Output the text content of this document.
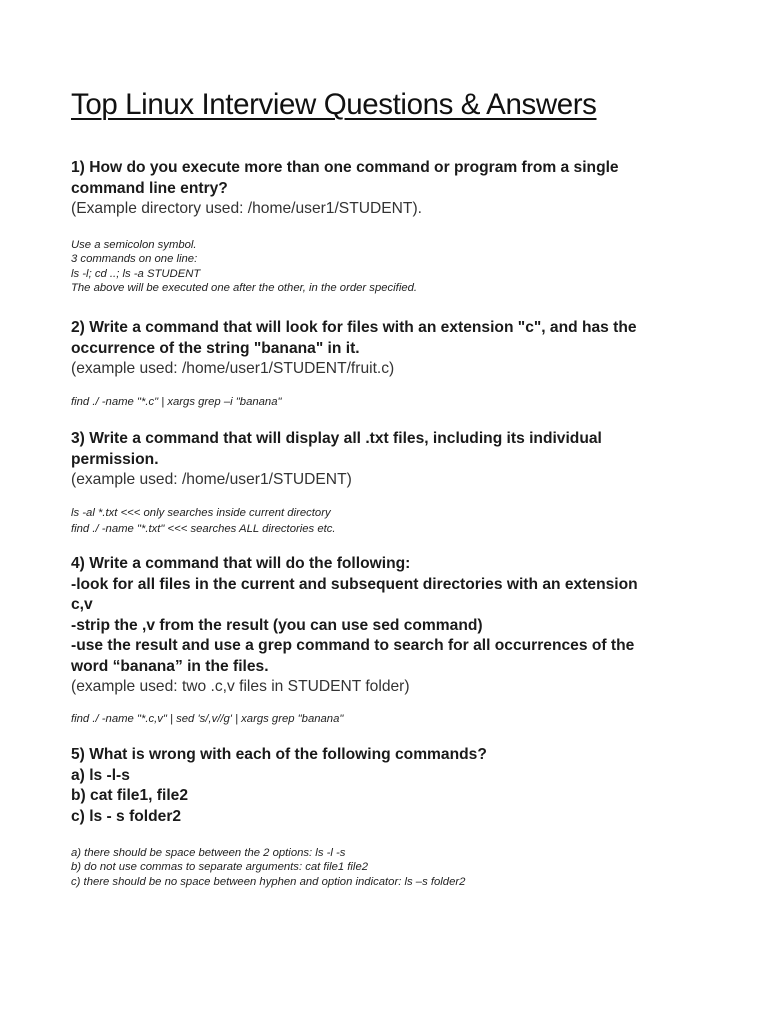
Top Linux Interview Questions & Answers
1) How do you execute more than one command or program from a single
command line entry?
(Example directory used: /home/user1/STUDENT).
Use a semicolon symbol.
3 commands on one line:
ls -l; cd ..; ls -a STUDENT
The above will be executed one after the other, in the order specified.
2) Write a command that will look for files with an extension "c", and has the
occurrence of the string "banana" in it.
(example used: /home/user1/STUDENT/fruit.c)
find ./ -name "*.c" | xargs grep –i "banana"
3) Write a command that will display all .txt files, including its individual
permission.
(example used: /home/user1/STUDENT)
ls -al *.txt <<< only searches inside current directory
find ./ -name "*.txt" <<< searches ALL directories etc.
4) Write a command that will do the following:
-look for all files in the current and subsequent directories with an extension
c,v
-strip the ,v from the result (you can use sed command)
-use the result and use a grep command to search for all occurrences of the
word “banana” in the files.
(example used: two .c,v files in STUDENT folder)
find ./ -name "*.c,v" | sed 's/,v//g' | xargs grep "banana"
5) What is wrong with each of the following commands?
a) ls -l-s
b) cat file1, file2
c) ls - s folder2
a) there should be space between the 2 options: ls -l -s
b) do not use commas to separate arguments: cat file1 file2
c) there should be no space between hyphen and option indicator: ls –s folder2
